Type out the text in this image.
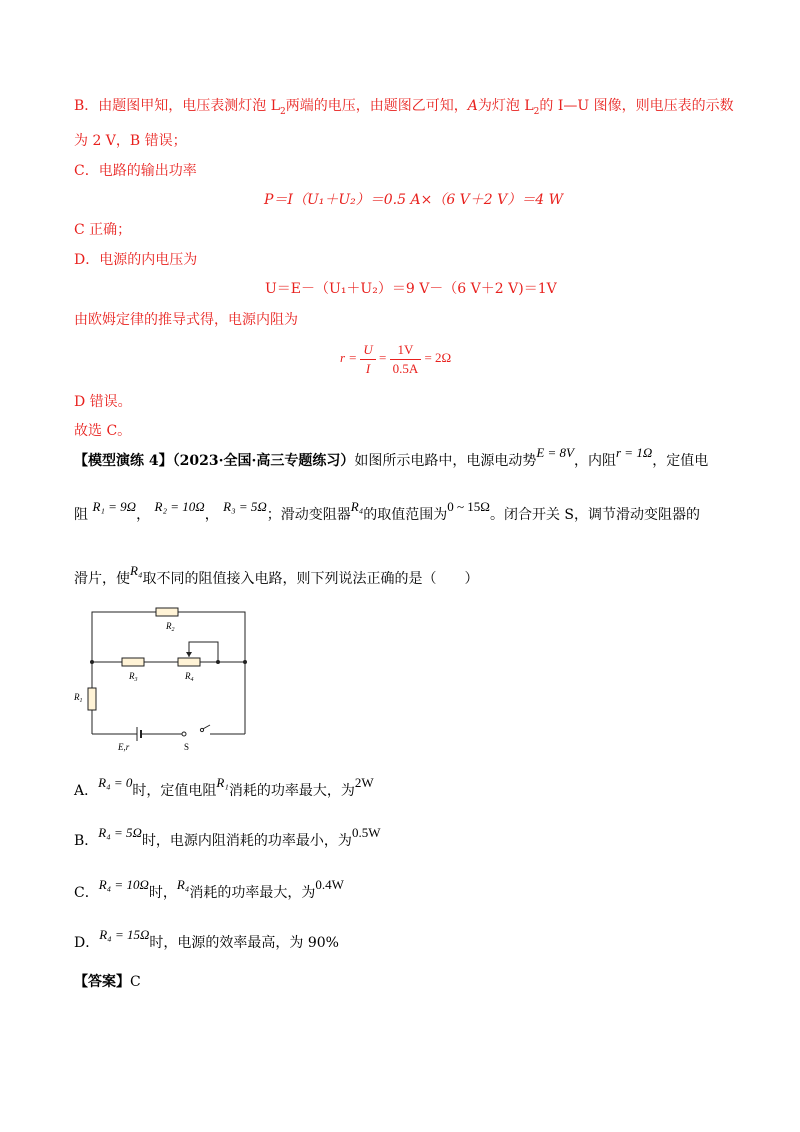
B．由题图甲知，电压表测灯泡 $L_2$两端的电压，由题图乙可知，A为灯泡 $L_2$的 I—U 图像，则电压表的示数
为 2 V，B 错误；
C．电路的输出功率
P＝I（U₁＋U₂）＝0.5 A×（6 V＋2 V）＝4 W
C 正确；
D．电源的内电压为
U＝E－（U₁＋U₂）＝9 V－（6 V＋2 V)＝1V
由欧姆定律的推导式得，电源内阻为
$r = \frac{U}{I} = \frac{1V}{0.5A} = 2\Omega$
D 错误。
故选 C。
【模型演练 4】（2023·全国·高三专题练习）如图所示电路中，电源电动势E = 8V，内阻r = 1Ω，定值电
阻 R₁ = 9Ω， R₂ = 10Ω， R₃ = 5Ω；滑动变阻器R₄的取值范围为0 ~ 15Ω。闭合开关 S，调节滑动变阻器的
滑片，使R₄取不同的阻值接入电路，则下列说法正确的是（　　）
$R_2$
$R_3$	$R_4$
$R_1$
E,r	S
A．R₄ = 0时，定值电阻R₁消耗的功率最大，为2W
B．R₄ = 5Ω时，电源内阻消耗的功率最小，为0.5W
C．R₄ = 10Ω时，R₄消耗的功率最大，为0.4W
D．R₄ = 15Ω时，电源的效率最高，为 90%
【答案】C
